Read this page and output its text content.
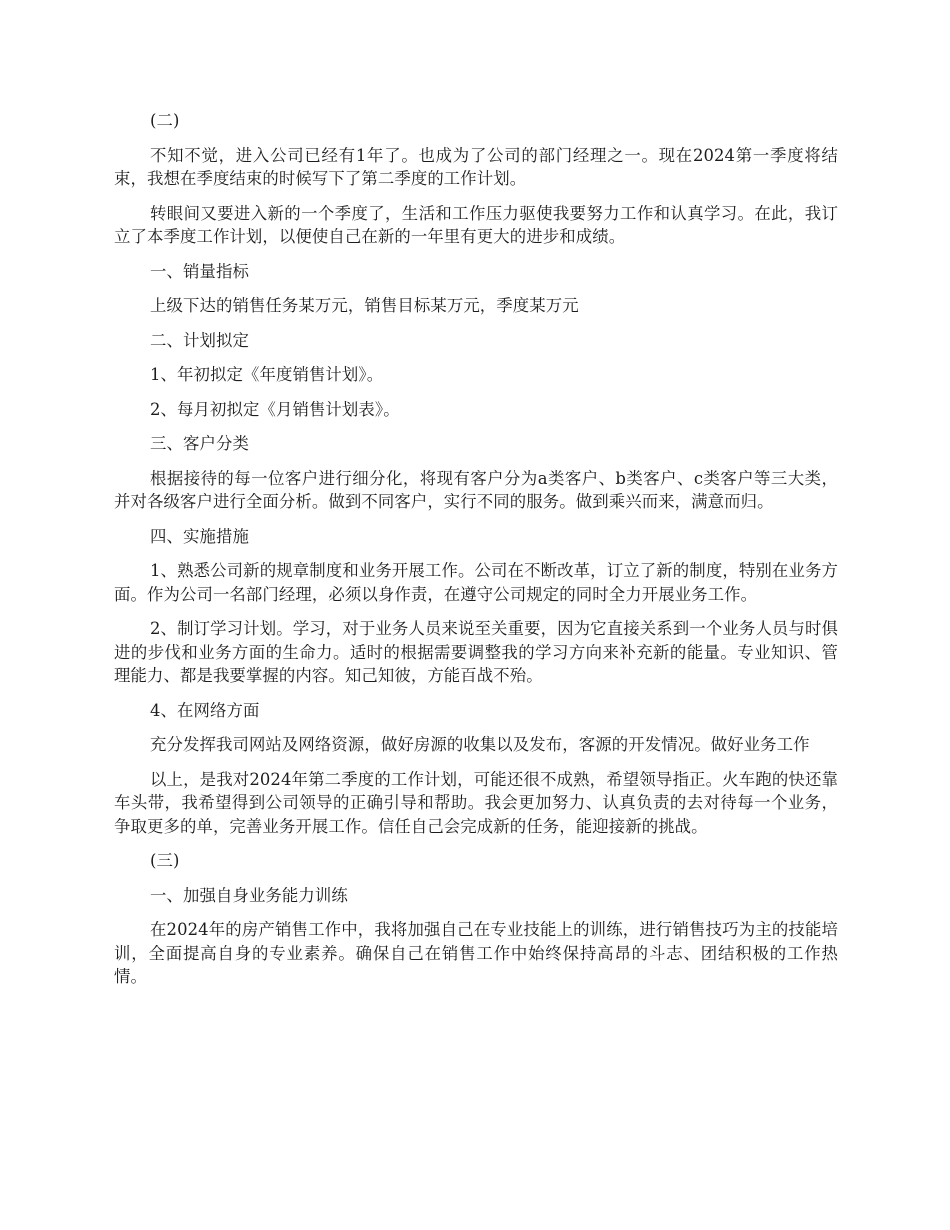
(二)

不知不觉，进入公司已经有1年了。也成为了公司的部门经理之一。现在2024第一季度将结束，我想在季度结束的时候写下了第二季度的工作计划。

转眼间又要进入新的一个季度了，生活和工作压力驱使我要努力工作和认真学习。在此，我订立了本季度工作计划，以便使自己在新的一年里有更大的进步和成绩。

一、销量指标

上级下达的销售任务某万元，销售目标某万元，季度某万元

二、计划拟定

1、年初拟定《年度销售计划》。

2、每月初拟定《月销售计划表》。

三、客户分类

根据接待的每一位客户进行细分化，将现有客户分为a类客户、b类客户、c类客户等三大类，并对各级客户进行全面分析。做到不同客户，实行不同的服务。做到乘兴而来，满意而归。

四、实施措施

1、熟悉公司新的规章制度和业务开展工作。公司在不断改革，订立了新的制度，特别在业务方面。作为公司一名部门经理，必须以身作责，在遵守公司规定的同时全力开展业务工作。

2、制订学习计划。学习，对于业务人员来说至关重要，因为它直接关系到一个业务人员与时俱进的步伐和业务方面的生命力。适时的根据需要调整我的学习方向来补充新的能量。专业知识、管理能力、都是我要掌握的内容。知己知彼，方能百战不殆。

4、在网络方面

充分发挥我司网站及网络资源，做好房源的收集以及发布，客源的开发情况。做好业务工作

以上，是我对2024年第二季度的工作计划，可能还很不成熟，希望领导指正。火车跑的快还靠车头带，我希望得到公司领导的正确引导和帮助。我会更加努力、认真负责的去对待每一个业务，争取更多的单，完善业务开展工作。信任自己会完成新的任务，能迎接新的挑战。

(三)

一、加强自身业务能力训练

在2024年的房产销售工作中，我将加强自己在专业技能上的训练，进行销售技巧为主的技能培训，全面提高自身的专业素养。确保自己在销售工作中始终保持高昂的斗志、团结积极的工作热情。
